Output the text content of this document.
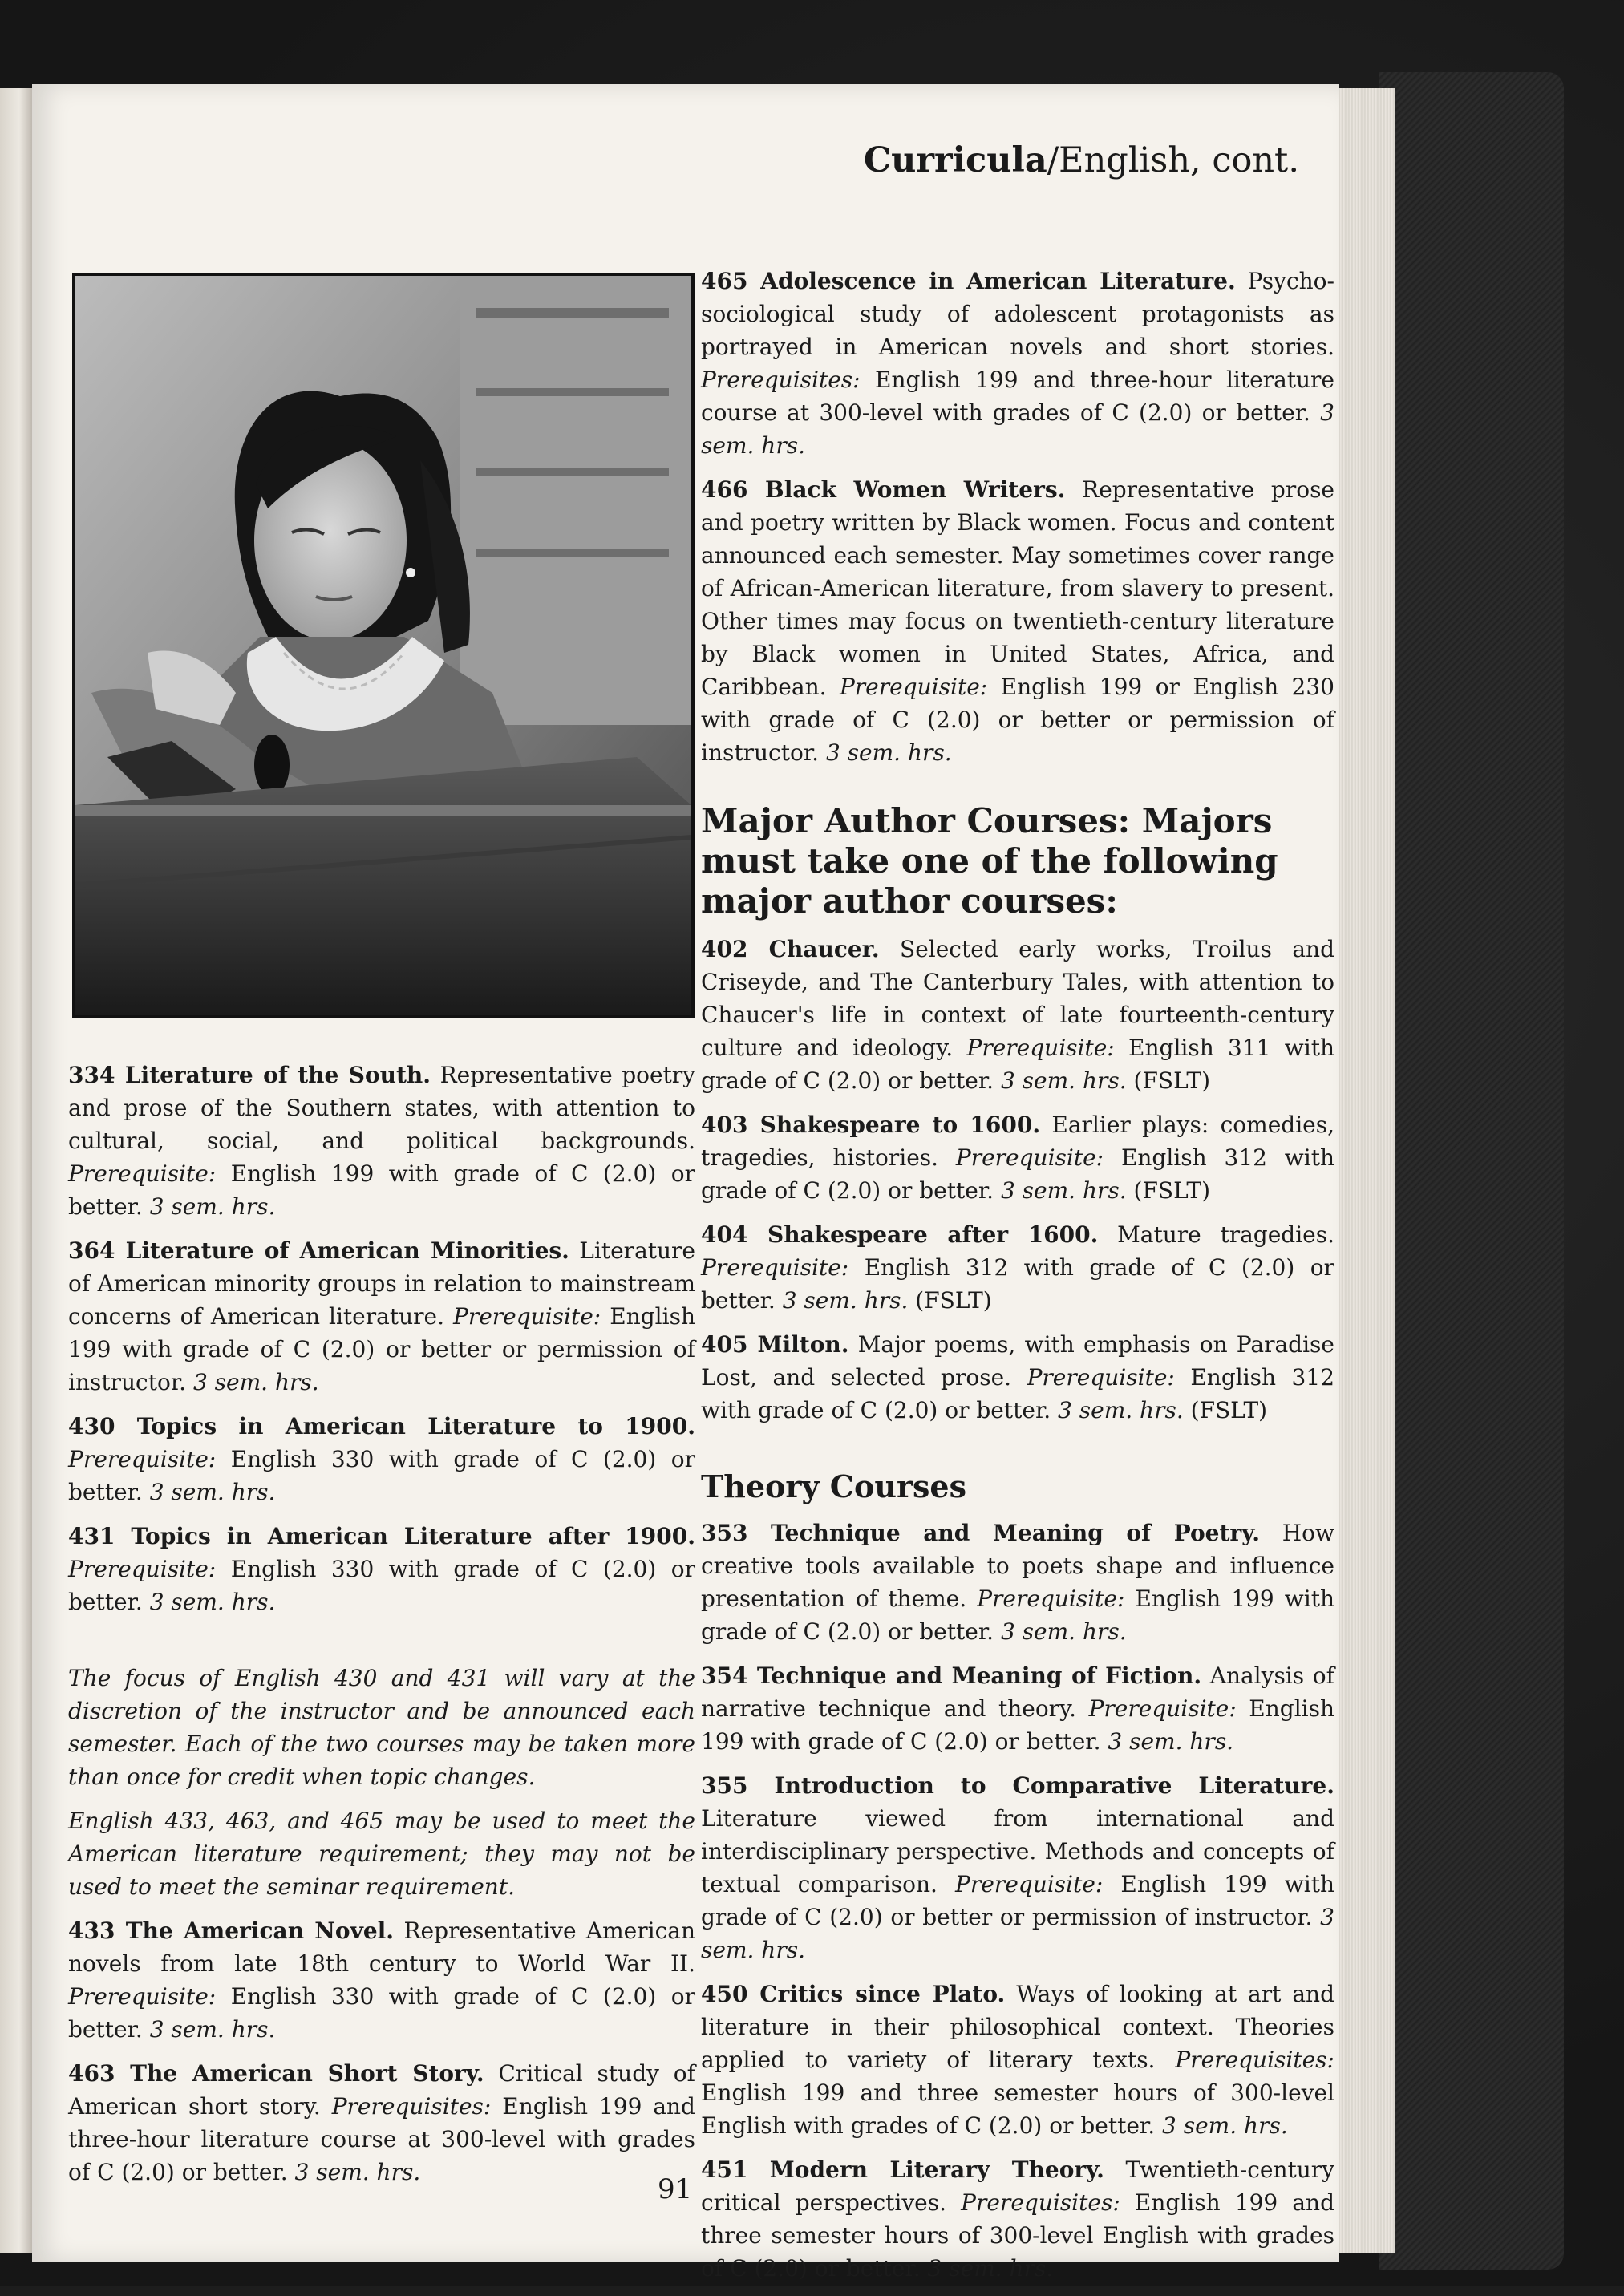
Curricula/English, cont.

334 Literature of the South. Representative poetry and prose of the Southern states, with attention to cultural, social, and political backgrounds. Prerequisite: English 199 with grade of C (2.0) or better. 3 sem. hrs.

364 Literature of American Minorities. Literature of American minority groups in relation to mainstream concerns of American literature. Prerequisite: English 199 with grade of C (2.0) or better or permission of instructor. 3 sem. hrs.

430 Topics in American Literature to 1900. Prerequisite: English 330 with grade of C (2.0) or better. 3 sem. hrs.

431 Topics in American Literature after 1900. Prerequisite: English 330 with grade of C (2.0) or better. 3 sem. hrs.

The focus of English 430 and 431 will vary at the discretion of the instructor and be announced each semester. Each of the two courses may be taken more than once for credit when topic changes.

English 433, 463, and 465 may be used to meet the American literature requirement; they may not be used to meet the seminar requirement.

433 The American Novel. Representative American novels from late 18th century to World War II. Prerequisite: English 330 with grade of C (2.0) or better. 3 sem. hrs.

463 The American Short Story. Critical study of American short story. Prerequisites: English 199 and three-hour literature course at 300-level with grades of C (2.0) or better. 3 sem. hrs.

465 Adolescence in American Literature. Psycho-sociological study of adolescent protagonists as portrayed in American novels and short stories. Prerequisites: English 199 and three-hour literature course at 300-level with grades of C (2.0) or better. 3 sem. hrs.

466 Black Women Writers. Representative prose and poetry written by Black women. Focus and content announced each semester. May sometimes cover range of African-American literature, from slavery to present. Other times may focus on twentieth-century literature by Black women in United States, Africa, and Caribbean. Prerequisite: English 199 or English 230 with grade of C (2.0) or better or permission of instructor. 3 sem. hrs.

Major Author Courses: Majors must take one of the following major author courses:

402 Chaucer. Selected early works, Troilus and Criseyde, and The Canterbury Tales, with attention to Chaucer's life in context of late fourteenth-century culture and ideology. Prerequisite: English 311 with grade of C (2.0) or better. 3 sem. hrs. (FSLT)

403 Shakespeare to 1600. Earlier plays: comedies, tragedies, histories. Prerequisite: English 312 with grade of C (2.0) or better. 3 sem. hrs. (FSLT)

404 Shakespeare after 1600. Mature tragedies. Prerequisite: English 312 with grade of C (2.0) or better. 3 sem. hrs. (FSLT)

405 Milton. Major poems, with emphasis on Paradise Lost, and selected prose. Prerequisite: English 312 with grade of C (2.0) or better. 3 sem. hrs. (FSLT)

Theory Courses

353 Technique and Meaning of Poetry. How creative tools available to poets shape and influence presentation of theme. Prerequisite: English 199 with grade of C (2.0) or better. 3 sem. hrs.

354 Technique and Meaning of Fiction. Analysis of narrative technique and theory. Prerequisite: English 199 with grade of C (2.0) or better. 3 sem. hrs.

355 Introduction to Comparative Literature. Literature viewed from international and interdisciplinary perspective. Methods and concepts of textual comparison. Prerequisite: English 199 with grade of C (2.0) or better or permission of instructor. 3 sem. hrs.

450 Critics since Plato. Ways of looking at art and literature in their philosophical context. Theories applied to variety of literary texts. Prerequisites: English 199 and three semester hours of 300-level English with grades of C (2.0) or better. 3 sem. hrs.

451 Modern Literary Theory. Twentieth-century critical perspectives. Prerequisites: English 199 and three semester hours of 300-level English with grades of C (2.0) or better. 3 sem. hrs.

91
